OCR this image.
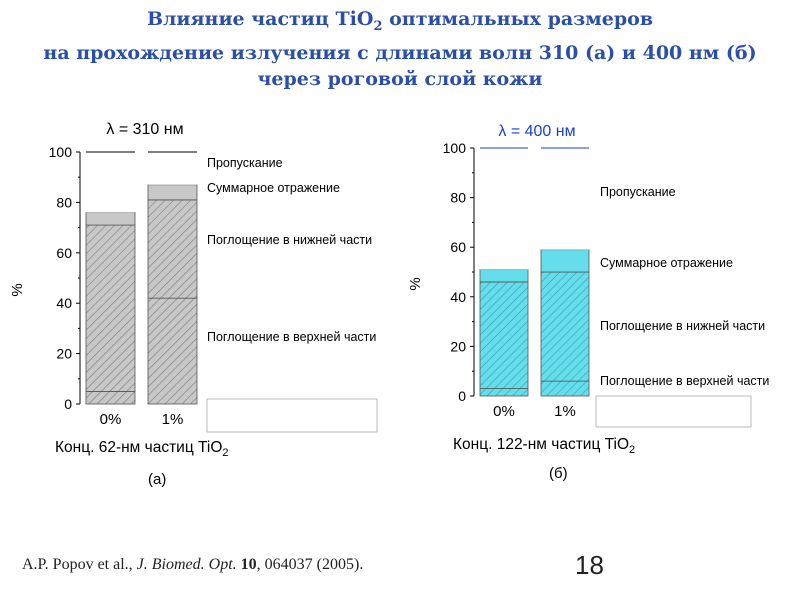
Влияние частиц TiO$_2$ оптимальных размеров
на прохождение излучения с длинами волн 310 (а) и 400 нм (б)
через роговой слой кожи
λ = 310 нм
0
20
40
60
80
100
%
0%	1%
Поглощение в верхней части
Поглощение в нижней части
Суммарное отражение
Пропускание
Конц. 62-нм частиц TiO$_2$
(а)
λ = 400 нм
0
20
40
60
80
100
%
0%	1%
Поглощение в верхней части
Поглощение в нижней части
Суммарное отражение
Пропускание
Конц. 122-нм частиц TiO$_2$
(б)
A.P. Popov et al., J. Biomed. Opt. 10, 064037 (2005).	18
